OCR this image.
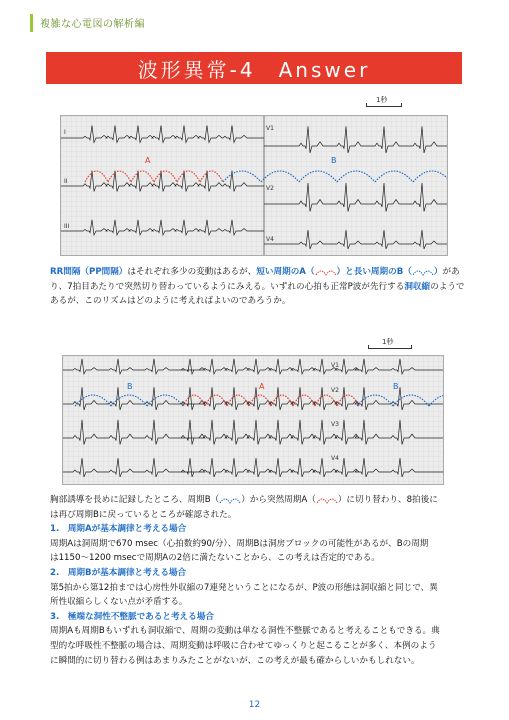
複雑な心電図の解析編
波形異常-4　Answer
1秒
A	B
I
II
III
V1
V2
V4

RR間隔（PP間隔）はそれぞれ多少の変動はあるが、短い周期のA（	）と長い周期のB（	）があり、7拍目あたりで突然切り替わっているようにみえる。いずれの心拍も正常P波が先行する洞収縮のようであるが、このリズムはどのように考えればよいのであろうか。

1秒
B	A	B
V1
V2
V3
V4

胸部誘導を長めに記録したところ、周期B（	）から突然周期A（	）に切り替わり、8拍後に
は再び周期Bに戻っているところが確認された。
1.　周期Aが基本調律と考える場合
周期Aは洞周期で670 msec（心拍数約90/分）、周期Bは洞房ブロックの可能性があるが、Bの周期
は1150〜1200 msecで周期Aの2倍に満たないことから、この考えは否定的である。
2.　周期Bが基本調律と考える場合
第5拍から第12拍までは心房性外収縮の7連発ということになるが、P波の形態は洞収縮と同じで、異
所性収縮らしくない点が矛盾する。
3.　極端な洞性不整脈であると考える場合
周期Aも周期Bもいずれも洞収縮で、周期の変動は単なる洞性不整脈であると考えることもできる。典
型的な呼吸性不整脈の場合は、周期変動は呼吸に合わせてゆっくりと起こることが多く、本例のよう
に瞬間的に切り替わる例はあまりみたことがないが、この考えが最も確からしいかもしれない。

12
